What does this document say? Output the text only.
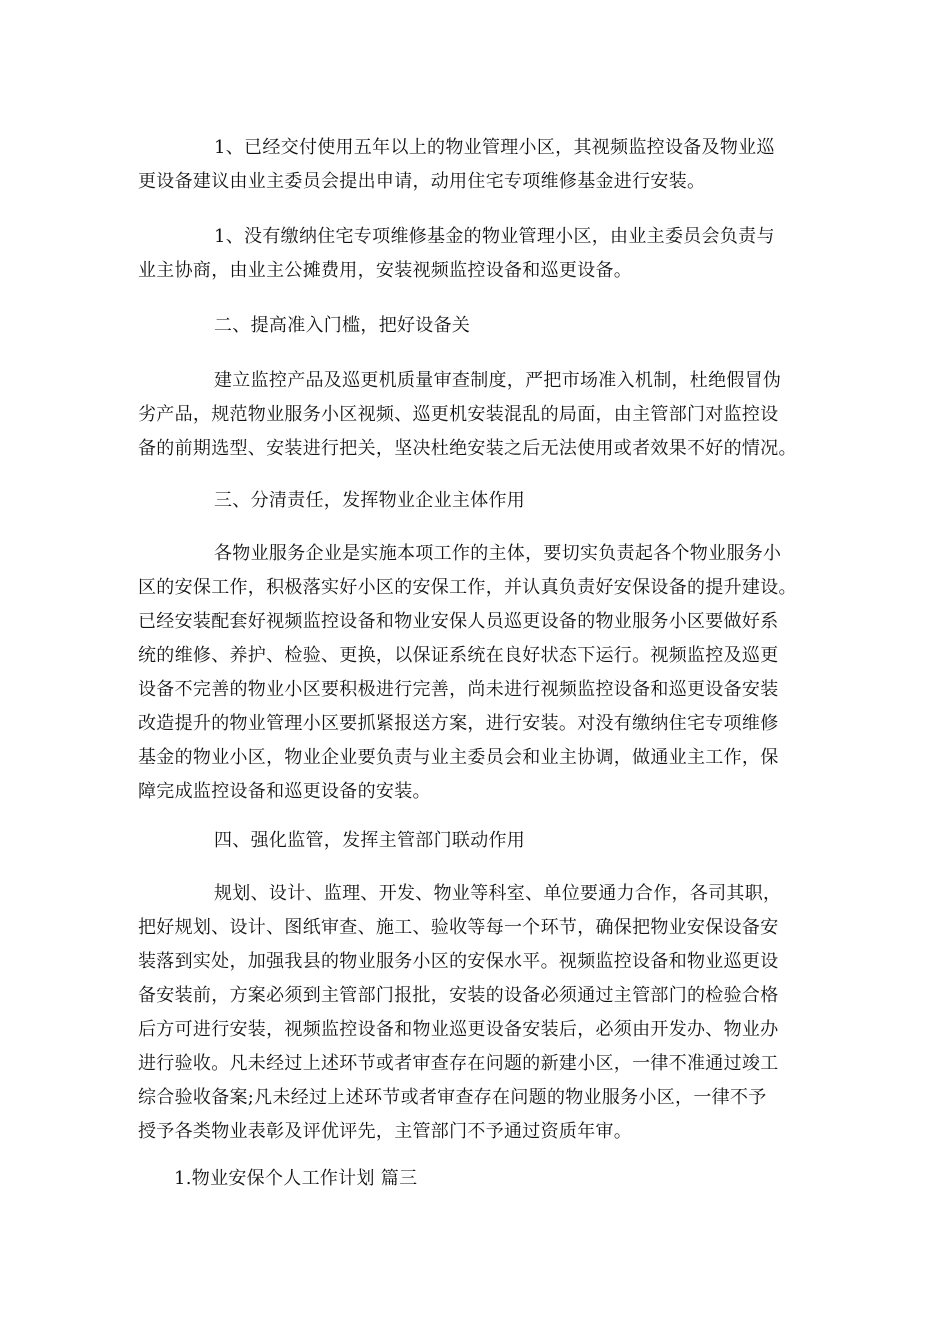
1、已经交付使用五年以上的物业管理小区，其视频监控设备及物业巡
更设备建议由业主委员会提出申请，动用住宅专项维修基金进行安装。

1、没有缴纳住宅专项维修基金的物业管理小区，由业主委员会负责与
业主协商，由业主公摊费用，安装视频监控设备和巡更设备。

二、提高准入门槛，把好设备关

建立监控产品及巡更机质量审查制度，严把市场准入机制，杜绝假冒伪
劣产品，规范物业服务小区视频、巡更机安装混乱的局面，由主管部门对监控设
备的前期选型、安装进行把关，坚决杜绝安装之后无法使用或者效果不好的情况。

三、分清责任，发挥物业企业主体作用

各物业服务企业是实施本项工作的主体，要切实负责起各个物业服务小
区的安保工作，积极落实好小区的安保工作，并认真负责好安保设备的提升建设。
已经安装配套好视频监控设备和物业安保人员巡更设备的物业服务小区要做好系
统的维修、养护、检验、更换，以保证系统在良好状态下运行。视频监控及巡更
设备不完善的物业小区要积极进行完善，尚未进行视频监控设备和巡更设备安装
改造提升的物业管理小区要抓紧报送方案，进行安装。对没有缴纳住宅专项维修
基金的物业小区，物业企业要负责与业主委员会和业主协调，做通业主工作，保
障完成监控设备和巡更设备的安装。

四、强化监管，发挥主管部门联动作用

规划、设计、监理、开发、物业等科室、单位要通力合作，各司其职，
把好规划、设计、图纸审查、施工、验收等每一个环节，确保把物业安保设备安
装落到实处，加强我县的物业服务小区的安保水平。视频监控设备和物业巡更设
备安装前，方案必须到主管部门报批，安装的设备必须通过主管部门的检验合格
后方可进行安装，视频监控设备和物业巡更设备安装后，必须由开发办、物业办
进行验收。凡未经过上述环节或者审查存在问题的新建小区，一律不准通过竣工
综合验收备案;凡未经过上述环节或者审查存在问题的物业服务小区，一律不予
授予各类物业表彰及评优评先，主管部门不予通过资质年审。

1.物业安保个人工作计划 篇三
